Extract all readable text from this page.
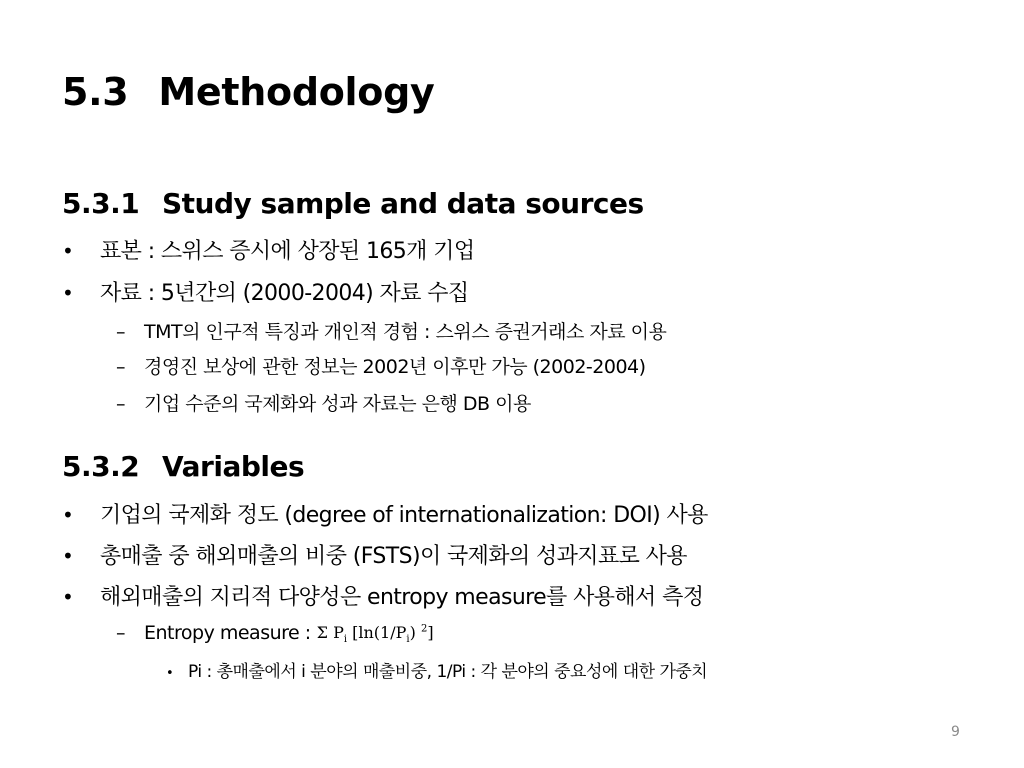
5.3 Methodology
5.3.1 Study sample and data sources
• 표본 : 스위스 증시에 상장된 165개 기업
• 자료 : 5년간의 (2000-2004) 자료 수집
– TMT의 인구적 특징과 개인적 경험 : 스위스 증권거래소 자료 이용
– 경영진 보상에 관한 정보는 2002년 이후만 가능 (2002-2004)
– 기업 수준의 국제화와 성과 자료는 은행 DB 이용
5.3.2 Variables
• 기업의 국제화 정도 (degree of internationalization: DOI) 사용
• 총매출 중 해외매출의 비중 (FSTS)이 국제화의 성과지표로 사용
• 해외매출의 지리적 다양성은 entropy measure를 사용해서 측정
– Entropy measure : Σ $P_i$ [$\ln(1/P_i)$ $^2$]
• Pi : 총매출에서 i 분야의 매출비중, 1/Pi : 각 분야의 중요성에 대한 가중치
9
